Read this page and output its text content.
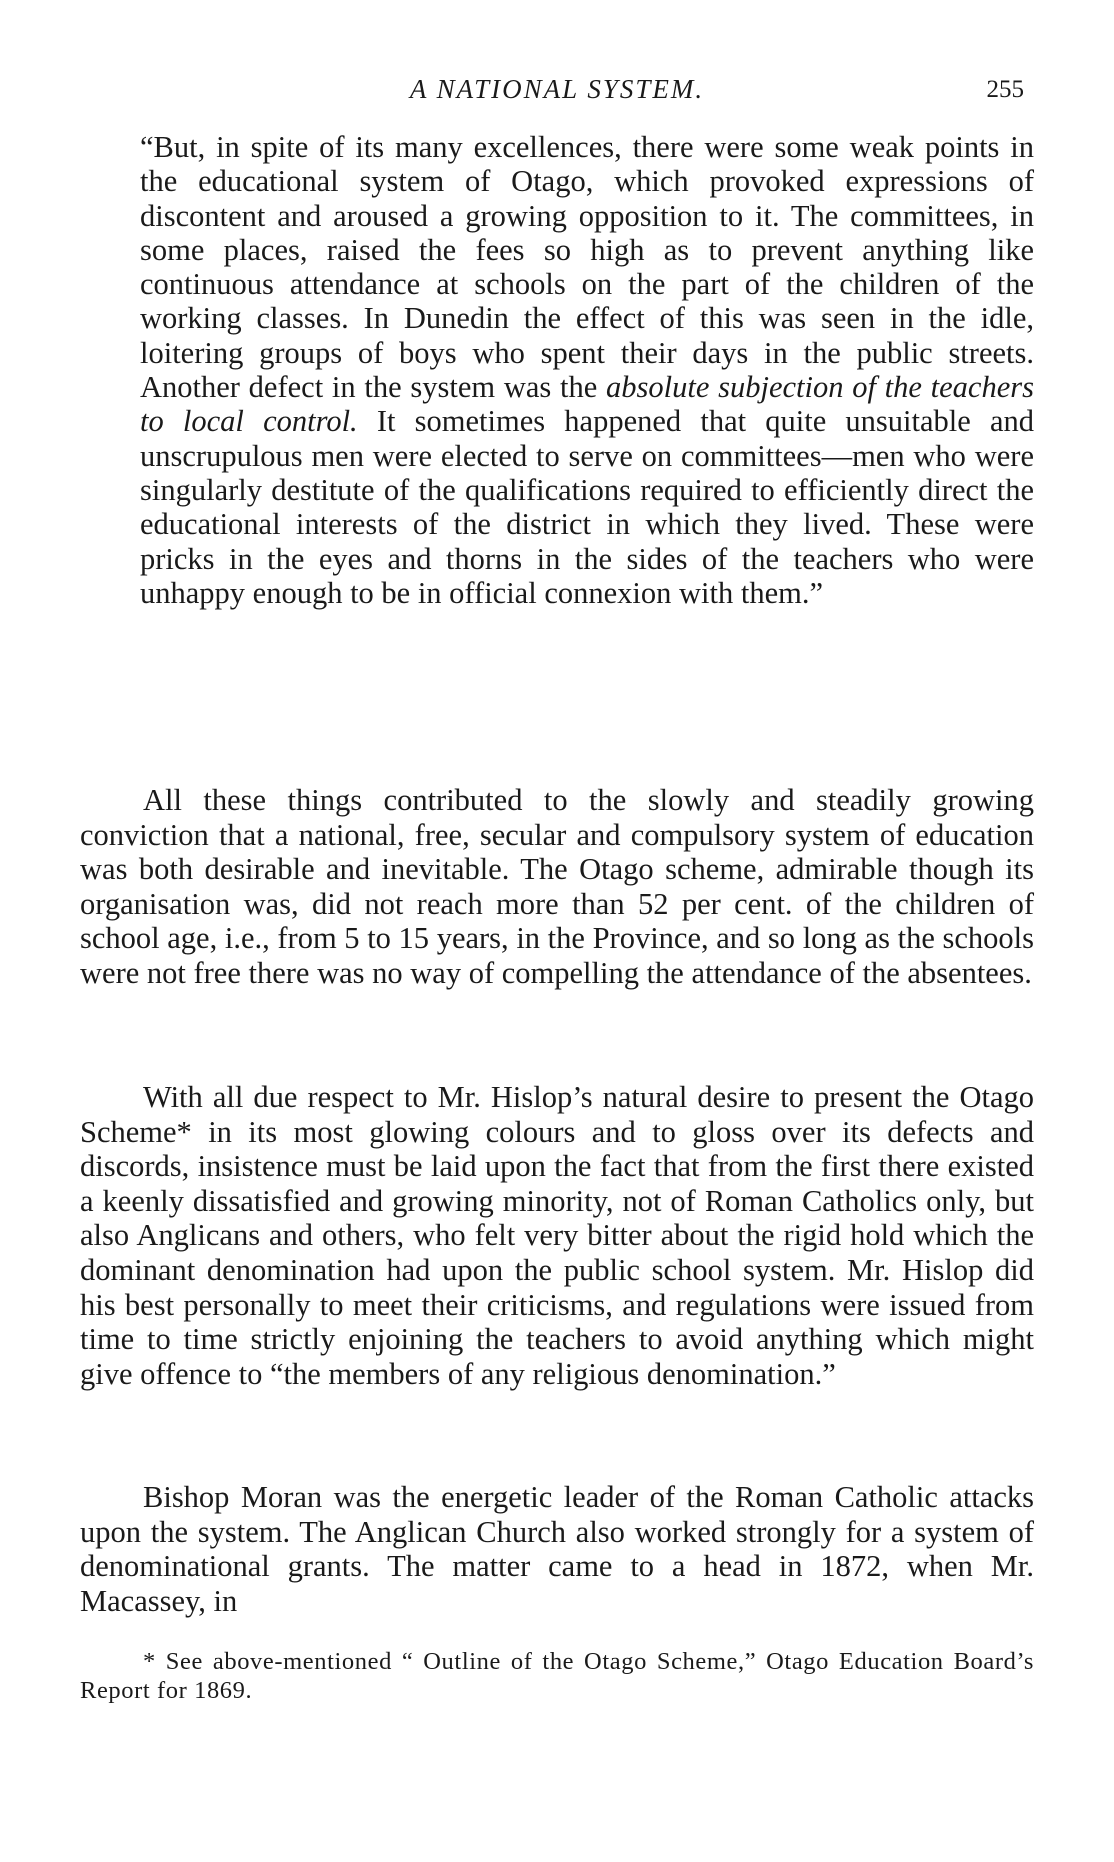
A NATIONAL SYSTEM.	255

“But, in spite of its many excellences, there were some weak points in the educational system of Otago, which provoked expressions of discontent and aroused a growing opposition to it. The committees, in some places, raised the fees so high as to prevent anything like continuous attendance at schools on the part of the children of the working classes. In Dunedin the effect of this was seen in the idle, loitering groups of boys who spent their days in the public streets. Another defect in the system was the absolute subjection of the teachers to local control. It sometimes happened that quite unsuitable and unscrupulous men were elected to serve on committees—men who were singularly destitute of the qualifications required to efficiently direct the educational interests of the district in which they lived. These were pricks in the eyes and thorns in the sides of the teachers who were unhappy enough to be in official connexion with them.”

All these things contributed to the slowly and steadily growing conviction that a national, free, secular and compulsory system of education was both desirable and inevitable. The Otago scheme, admirable though its organisation was, did not reach more than 52 per cent. of the children of school age, i.e., from 5 to 15 years, in the Province, and so long as the schools were not free there was no way of compelling the attendance of the absentees.

With all due respect to Mr. Hislop’s natural desire to present the Otago Scheme* in its most glowing colours and to gloss over its defects and discords, insistence must be laid upon the fact that from the first there existed a keenly dissatisfied and growing minority, not of Roman Catholics only, but also Anglicans and others, who felt very bitter about the rigid hold which the dominant denomination had upon the public school system. Mr. Hislop did his best personally to meet their criticisms, and regulations were issued from time to time strictly enjoining the teachers to avoid anything which might give offence to “the members of any religious denomination.”

Bishop Moran was the energetic leader of the Roman Catholic attacks upon the system. The Anglican Church also worked strongly for a system of denominational grants. The matter came to a head in 1872, when Mr. Macassey, in

* See above-mentioned “ Outline of the Otago Scheme,” Otago Education Board’s Report for 1869.
